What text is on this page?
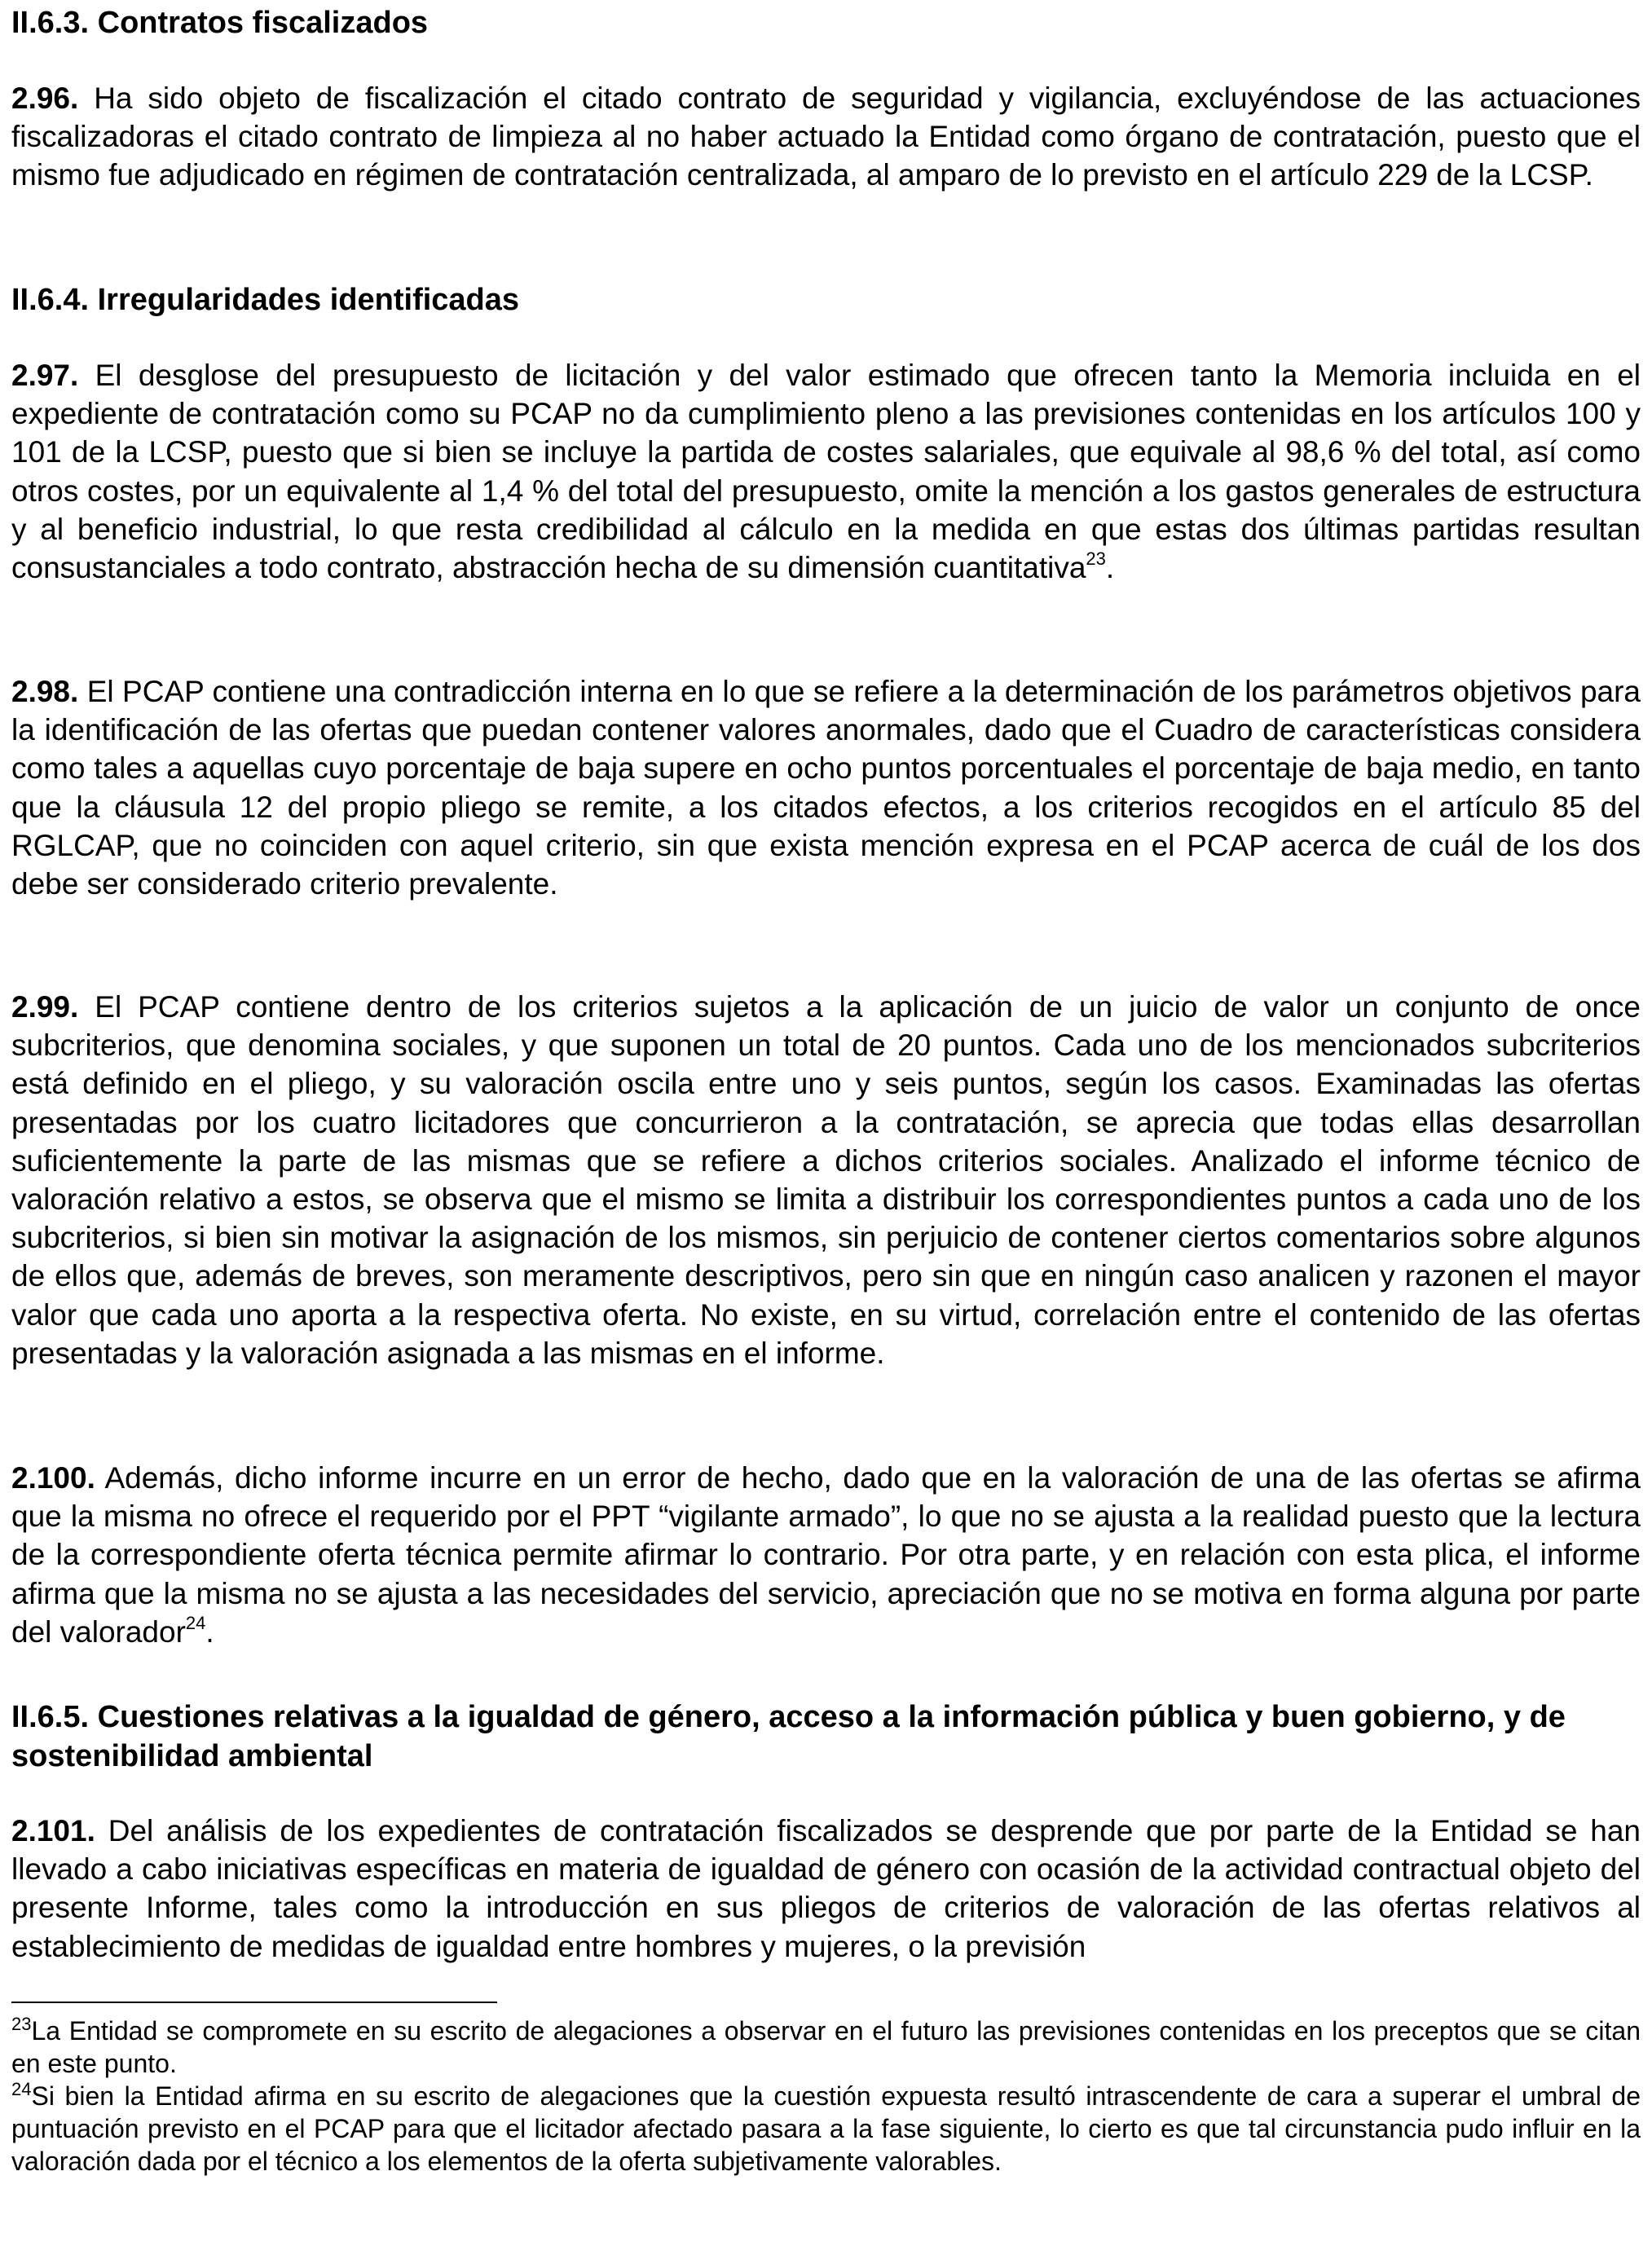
II.6.3. Contratos fiscalizados

2.96. Ha sido objeto de fiscalización el citado contrato de seguridad y vigilancia, excluyéndose de las actuaciones fiscalizadoras el citado contrato de limpieza al no haber actuado la Entidad como órgano de contratación, puesto que el mismo fue adjudicado en régimen de contratación centralizada, al amparo de lo previsto en el artículo 229 de la LCSP.

II.6.4. Irregularidades identificadas

2.97. El desglose del presupuesto de licitación y del valor estimado que ofrecen tanto la Memoria incluida en el expediente de contratación como su PCAP no da cumplimiento pleno a las previsiones contenidas en los artículos 100 y 101 de la LCSP, puesto que si bien se incluye la partida de costes salariales, que equivale al 98,6 % del total, así como otros costes, por un equivalente al 1,4 % del total del presupuesto, omite la mención a los gastos generales de estructura y al beneficio industrial, lo que resta credibilidad al cálculo en la medida en que estas dos últimas partidas resultan consustanciales a todo contrato, abstracción hecha de su dimensión cuantitativa$^{23}$.

2.98. El PCAP contiene una contradicción interna en lo que se refiere a la determinación de los parámetros objetivos para la identificación de las ofertas que puedan contener valores anormales, dado que el Cuadro de características considera como tales a aquellas cuyo porcentaje de baja supere en ocho puntos porcentuales el porcentaje de baja medio, en tanto que la cláusula 12 del propio pliego se remite, a los citados efectos, a los criterios recogidos en el artículo 85 del RGLCAP, que no coinciden con aquel criterio, sin que exista mención expresa en el PCAP acerca de cuál de los dos debe ser considerado criterio prevalente.

2.99. El PCAP contiene dentro de los criterios sujetos a la aplicación de un juicio de valor un conjunto de once subcriterios, que denomina sociales, y que suponen un total de 20 puntos. Cada uno de los mencionados subcriterios está definido en el pliego, y su valoración oscila entre uno y seis puntos, según los casos. Examinadas las ofertas presentadas por los cuatro licitadores que concurrieron a la contratación, se aprecia que todas ellas desarrollan suficientemente la parte de las mismas que se refiere a dichos criterios sociales. Analizado el informe técnico de valoración relativo a estos, se observa que el mismo se limita a distribuir los correspondientes puntos a cada uno de los subcriterios, si bien sin motivar la asignación de los mismos, sin perjuicio de contener ciertos comentarios sobre algunos de ellos que, además de breves, son meramente descriptivos, pero sin que en ningún caso analicen y razonen el mayor valor que cada uno aporta a la respectiva oferta. No existe, en su virtud, correlación entre el contenido de las ofertas presentadas y la valoración asignada a las mismas en el informe.

2.100. Además, dicho informe incurre en un error de hecho, dado que en la valoración de una de las ofertas se afirma que la misma no ofrece el requerido por el PPT “vigilante armado”, lo que no se ajusta a la realidad puesto que la lectura de la correspondiente oferta técnica permite afirmar lo contrario. Por otra parte, y en relación con esta plica, el informe afirma que la misma no se ajusta a las necesidades del servicio, apreciación que no se motiva en forma alguna por parte del valorador$^{24}$.

II.6.5. Cuestiones relativas a la igualdad de género, acceso a la información pública y buen gobierno, y de sostenibilidad ambiental

2.101. Del análisis de los expedientes de contratación fiscalizados se desprende que por parte de la Entidad se han llevado a cabo iniciativas específicas en materia de igualdad de género con ocasión de la actividad contractual objeto del presente Informe, tales como la introducción en sus pliegos de criterios de valoración de las ofertas relativos al establecimiento de medidas de igualdad entre hombres y mujeres, o la previsión

$^{23}$La Entidad se compromete en su escrito de alegaciones a observar en el futuro las previsiones contenidas en los preceptos que se citan en este punto.

$^{24}$Si bien la Entidad afirma en su escrito de alegaciones que la cuestión expuesta resultó intrascendente de cara a superar el umbral de puntuación previsto en el PCAP para que el licitador afectado pasara a la fase siguiente, lo cierto es que tal circunstancia pudo influir en la valoración dada por el técnico a los elementos de la oferta subjetivamente valorables.
